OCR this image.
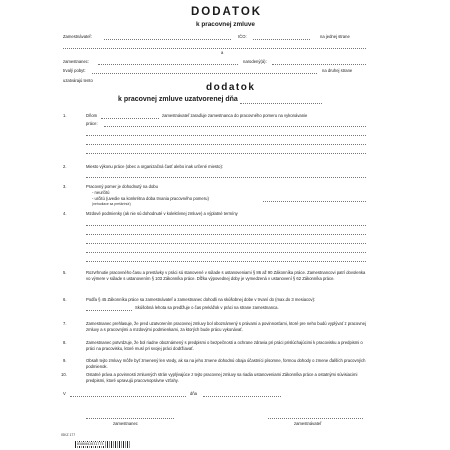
DODATOK
k pracovnej zmluve
Zamestnávateľ:	IČO:	na jednej strane
a
zamestnanec:	narodený(á):
trvalý pobyt:	na druhej strane
uzatvárajú tento
dodatok
k pracovnej zmluve uzatvorenej dňa
1.	Dňom	zamestnávateľ zaraďuje zamestnanca do pracovného pomeru na vykonávanie
práce:
2.	Miesto výkonu práce (obec a organizačná časť alebo inak určené miesto):
3.	Pracovný pomer je dohodnutý na dobu
- neurčitú
- určitú (uvedie sa konkrétna doba trvania pracovného pomeru)
(nehodiace sa preškrtnúť)
4.	Mzdové podmienky (ak nie sú dohodnuté v kolektívnej zmluve) a výplatné termíny
5.	Rozvrhnutie pracovného času a prestávky v práci sú stanovené v súlade s ustanoveniami § 86 až 90 Zákonníka práce. Zamestnancovi patrí dovolenka vo výmere v súlade s ustanovením § 103 Zákonníka práce. Dĺžka výpovednej doby je vymedzená v ustanovení § 62 Zákonníka práce.
6.	Podľa § 45 Zákonníka práce sa zamestnávateľ a zamestnanec dohodli na skúšobnej dobe v trvaní do (max.do 3 mesiacov):
Skúšobná lehota sa predlžuje o čas prekážok v práci na strane zamestnanca.
7.	Zamestnanec prehlasuje, že pred uzatvorením pracovnej zmluvy bol oboznámený s právami a povinnosťami, ktoré pre neho budú vyplývať z pracovnej zmluvy a s pracovnými a mzdovými podmienkami, za ktorých bude prácu vykonávať.
8.	Zamestnanec potvrdzuje, že bol riadne oboznámený s predpismi o bezpečnosti a ochrane zdravia pri práci prislúchajúcimi k pracovisku a predpismi o práci na pracovisku, ktoré musí pri svojej práci dodržiavať.
9.	Obsah tejto zmluvy môže byť zmenený len vtedy, ak sa na jeho zmene dohodnú obaja účastníci písomne, formou dohody o zmene ďalších pracovných podmienok.
10.	Ostatné práva a povinnosti zmluvných strán vyplývajúce z tejto pracovnej zmluvy sa riadia ustanoveniami Zákonníka práce a ostatnými súvisiacimi predpismi, ktoré upravujú pracovnoprávne vzťahy.
V	dňa
zamestnanec	zamestnávateľ
ISKZ 177
8586002031775
